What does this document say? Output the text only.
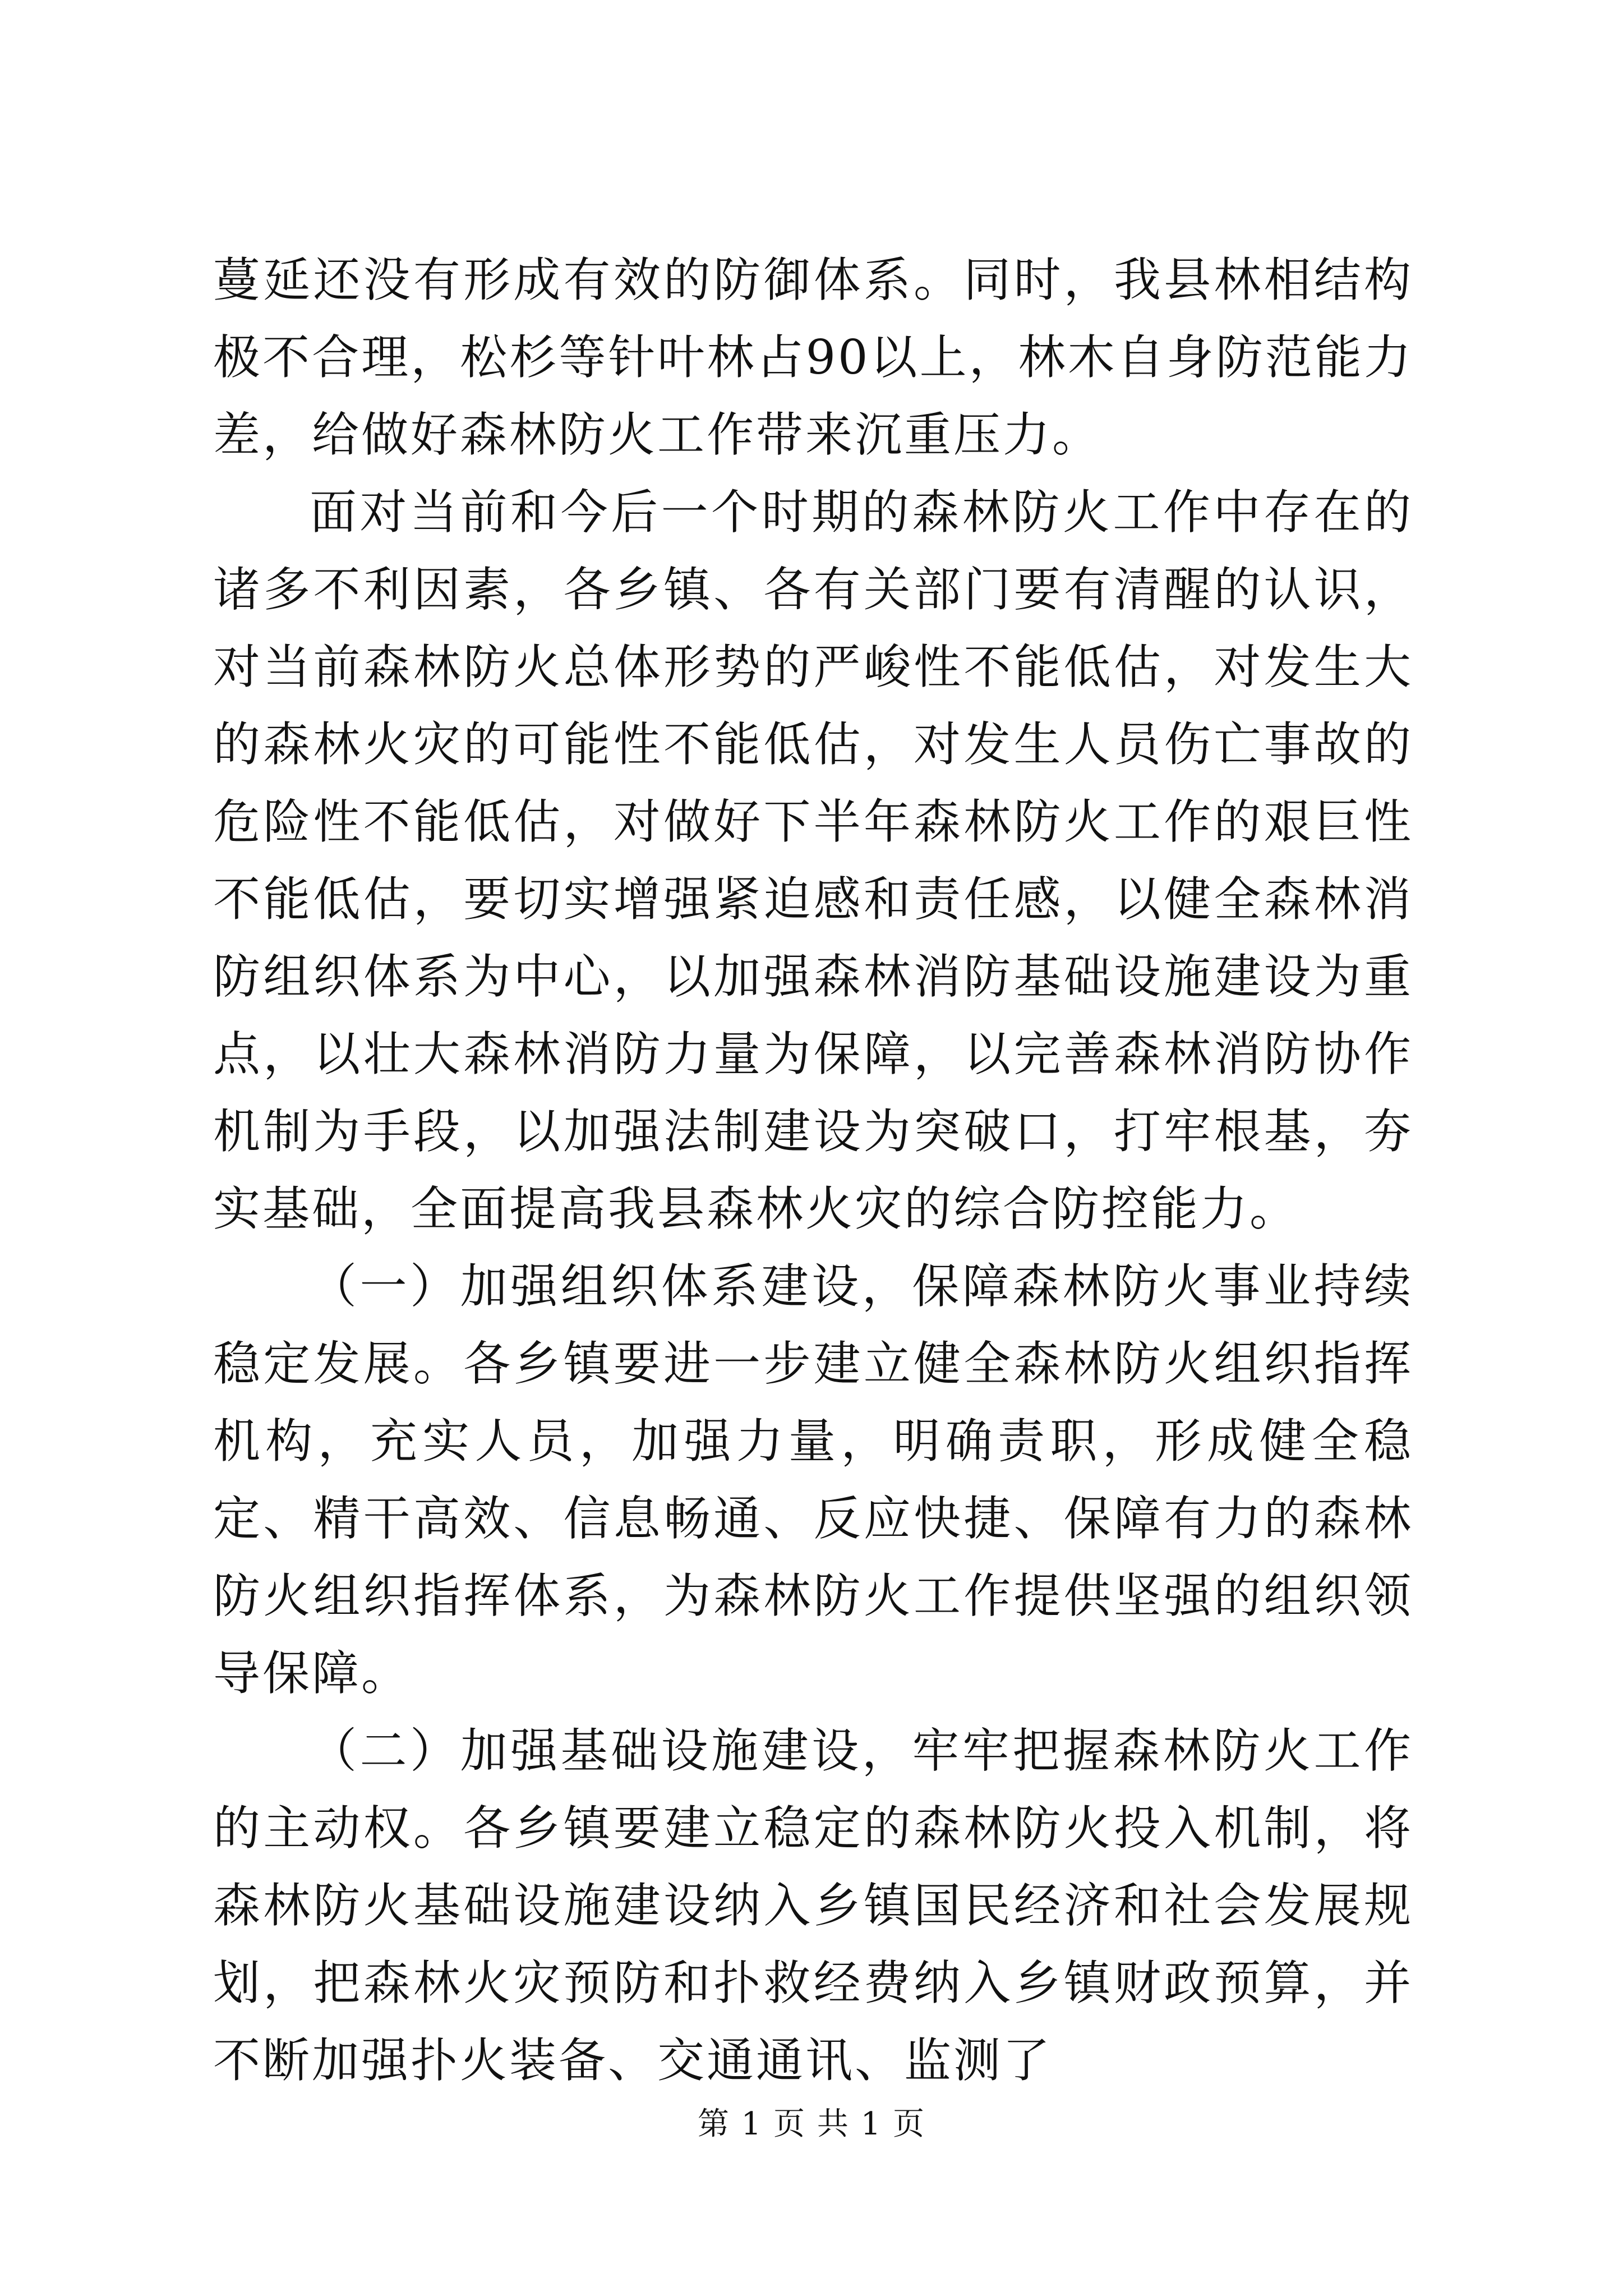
蔓延还没有形成有效的防御体系。同时，我县林相结构极不合理，松杉等针叶林占90以上，林木自身防范能力差，给做好森林防火工作带来沉重压力。

面对当前和今后一个时期的森林防火工作中存在的诸多不利因素，各乡镇、各有关部门要有清醒的认识，对当前森林防火总体形势的严峻性不能低估，对发生大的森林火灾的可能性不能低估，对发生人员伤亡事故的危险性不能低估，对做好下半年森林防火工作的艰巨性不能低估，要切实增强紧迫感和责任感，以健全森林消防组织体系为中心，以加强森林消防基础设施建设为重点，以壮大森林消防力量为保障，以完善森林消防协作机制为手段，以加强法制建设为突破口，打牢根基，夯实基础，全面提高我县森林火灾的综合防控能力。

（一）加强组织体系建设，保障森林防火事业持续稳定发展。各乡镇要进一步建立健全森林防火组织指挥机构，充实人员，加强力量，明确责职，形成健全稳定、精干高效、信息畅通、反应快捷、保障有力的森林防火组织指挥体系，为森林防火工作提供坚强的组织领导保障。

（二）加强基础设施建设，牢牢把握森林防火工作的主动权。各乡镇要建立稳定的森林防火投入机制，将森林防火基础设施建设纳入乡镇国民经济和社会发展规划，把森林火灾预防和扑救经费纳入乡镇财政预算，并不断加强扑火装备、交通通讯、监测了

第 1 页 共 1 页
